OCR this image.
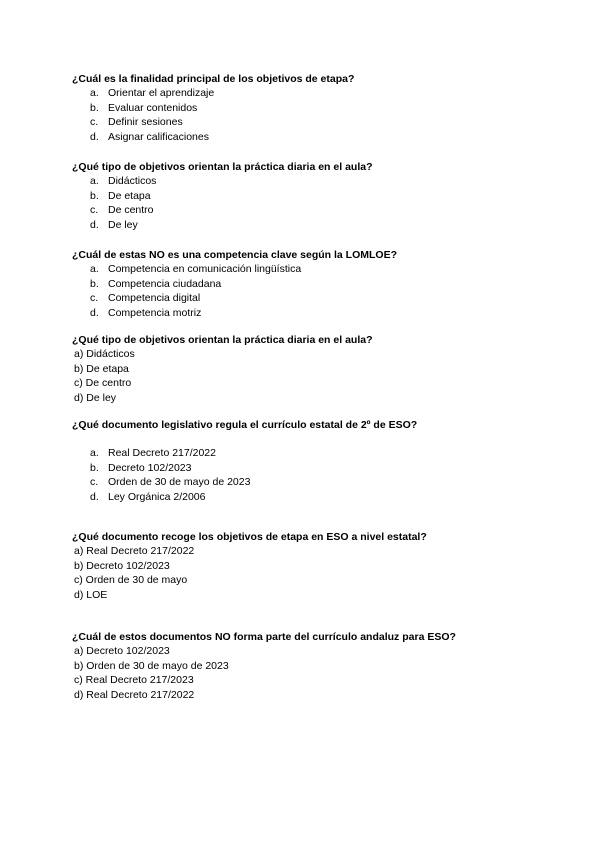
¿Cuál es la finalidad principal de los objetivos de etapa?

a. Orientar el aprendizaje
b. Evaluar contenidos
c. Definir sesiones
d. Asignar calificaciones

¿Qué tipo de objetivos orientan la práctica diaria en el aula?

a. Didácticos
b. De etapa
c. De centro
d. De ley

¿Cuál de estas NO es una competencia clave según la LOMLOE?

a. Competencia en comunicación lingüística
b. Competencia ciudadana
c. Competencia digital
d. Competencia motriz

¿Qué tipo de objetivos orientan la práctica diaria en el aula?

a) Didácticos
b) De etapa
c) De centro
d) De ley

¿Qué documento legislativo regula el currículo estatal de 2º de ESO?

a. Real Decreto 217/2022
b. Decreto 102/2023
c. Orden de 30 de mayo de 2023
d. Ley Orgánica 2/2006

¿Qué documento recoge los objetivos de etapa en ESO a nivel estatal?

a) Real Decreto 217/2022
b) Decreto 102/2023
c) Orden de 30 de mayo
d) LOE

¿Cuál de estos documentos NO forma parte del currículo andaluz para ESO?

a) Decreto 102/2023
b) Orden de 30 de mayo de 2023
c) Real Decreto 217/2023
d) Real Decreto 217/2022
